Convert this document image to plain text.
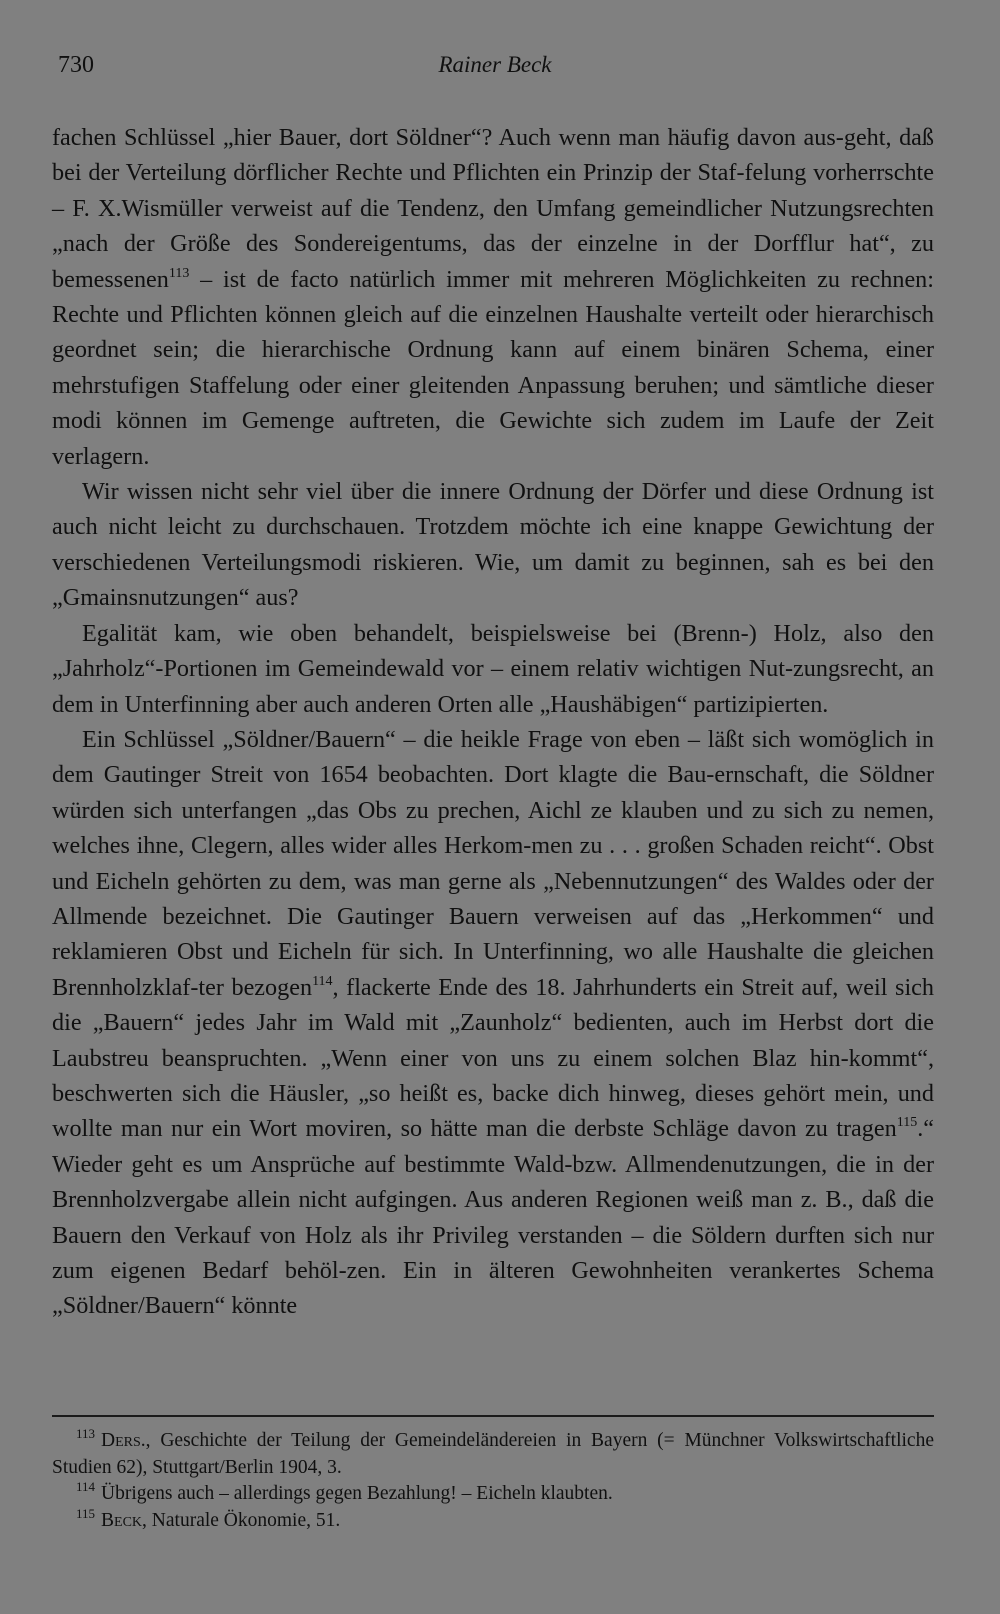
730	Rainer Beck

fachen Schlüssel „hier Bauer, dort Söldner“? Auch wenn man häufig davon aus-geht, daß bei der Verteilung dörflicher Rechte und Pflichten ein Prinzip der Staf-felung vorherrschte – F. X.Wismüller verweist auf die Tendenz, den Umfang gemeindlicher Nutzungsrechten „nach der Größe des Sondereigentums, das der einzelne in der Dorfflur hat“, zu bemessenen$^{113}$ – ist de facto natürlich immer mit mehreren Möglichkeiten zu rechnen: Rechte und Pflichten können gleich auf die einzelnen Haushalte verteilt oder hierarchisch geordnet sein; die hierarchische Ordnung kann auf einem binären Schema, einer mehrstufigen Staffelung oder einer gleitenden Anpassung beruhen; und sämtliche dieser modi können im Gemenge auftreten, die Gewichte sich zudem im Laufe der Zeit verlagern.

Wir wissen nicht sehr viel über die innere Ordnung der Dörfer und diese Ordnung ist auch nicht leicht zu durchschauen. Trotzdem möchte ich eine knappe Gewichtung der verschiedenen Verteilungsmodi riskieren. Wie, um damit zu beginnen, sah es bei den „Gmainsnutzungen“ aus?

Egalität kam, wie oben behandelt, beispielsweise bei (Brenn-) Holz, also den „Jahrholz“-Portionen im Gemeindewald vor – einem relativ wichtigen Nut-zungsrecht, an dem in Unterfinning aber auch anderen Orten alle „Haushäbigen“ partizipierten.

Ein Schlüssel „Söldner/Bauern“ – die heikle Frage von eben – läßt sich womöglich in dem Gautinger Streit von 1654 beobachten. Dort klagte die Bau-ernschaft, die Söldner würden sich unterfangen „das Obs zu prechen, Aichl ze klauben und zu sich zu nemen, welches ihne, Clegern, alles wider alles Herkom-men zu . . . großen Schaden reicht“. Obst und Eicheln gehörten zu dem, was man gerne als „Nebennutzungen“ des Waldes oder der Allmende bezeichnet. Die Gautinger Bauern verweisen auf das „Herkommen“ und reklamieren Obst und Eicheln für sich. In Unterfinning, wo alle Haushalte die gleichen Brennholzklaf-ter bezogen$^{114}$, flackerte Ende des 18. Jahrhunderts ein Streit auf, weil sich die „Bauern“ jedes Jahr im Wald mit „Zaunholz“ bedienten, auch im Herbst dort die Laubstreu beanspruchten. „Wenn einer von uns zu einem solchen Blaz hin-kommt“, beschwerten sich die Häusler, „so heißt es, backe dich hinweg, dieses gehört mein, und wollte man nur ein Wort moviren, so hätte man die derbste Schläge davon zu tragen$^{115}$.“ Wieder geht es um Ansprüche auf bestimmte Wald-bzw. Allmendenutzungen, die in der Brennholzvergabe allein nicht aufgingen. Aus anderen Regionen weiß man z. B., daß die Bauern den Verkauf von Holz als ihr Privileg verstanden – die Söldern durften sich nur zum eigenen Bedarf behöl-zen. Ein in älteren Gewohnheiten verankertes Schema „Söldner/Bauern“ könnte

$^{113}$ Ders., Geschichte der Teilung der Gemeindeländereien in Bayern (= Münchner Volkswirtschaftliche Studien 62), Stuttgart/Berlin 1904, 3.

$^{114}$ Übrigens auch – allerdings gegen Bezahlung! – Eicheln klaubten.

$^{115}$ Beck, Naturale Ökonomie, 51.
